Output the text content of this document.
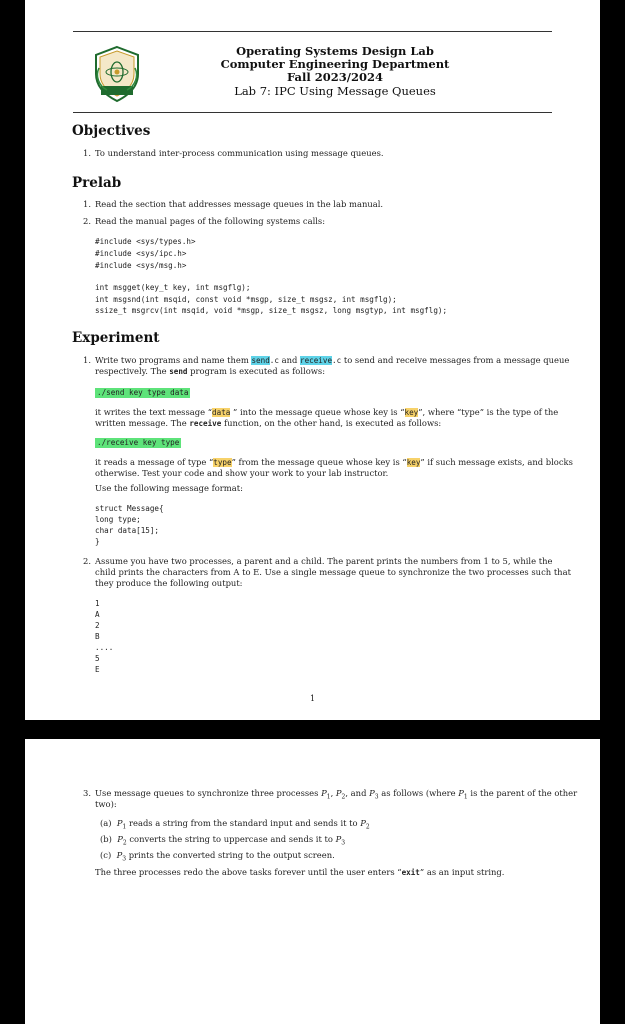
Operating Systems Design Lab
Computer Engineering Department
Fall 2023/2024
Lab 7: IPC Using Message Queues
Objectives
1. To understand inter-process communication using message queues.
Prelab
1. Read the section that addresses message queues in the lab manual.
2. Read the manual pages of the following systems calls:
#include <sys/types.h>
#include <sys/ipc.h>
#include <sys/msg.h>
int msgget(key_t key, int msgflg);
int msgsnd(int msqid, const void *msgp, size_t msgsz, int msgflg);
ssize_t msgrcv(int msqid, void *msgp, size_t msgsz, long msgtyp, int msgflg);
Experiment
1. Write two programs and name them send.c and receive.c to send and receive messages from a message queue
respectively. The send program is executed as follows:
./send key type data
it writes the text message “data ” into the message queue whose key is “key”, where “type” is the type of the
written message. The receive function, on the other hand, is executed as follows:
./receive key type
it reads a message of type “type” from the message queue whose key is “key” if such message exists, and blocks
otherwise. Test your code and show your work to your lab instructor.
Use the following message format:
struct Message{
long type;
char data[15];
}
2. Assume you have two processes, a parent and a child. The parent prints the numbers from 1 to 5, while the
child prints the characters from A to E. Use a single message queue to synchronize the two processes such that
they produce the following output:
1
A
2
B
....
5
E
1
3. Use message queues to synchronize three processes $P_1$, $P_2$, and $P_3$ as follows (where $P_1$ is the parent of the other
two):
(a) $P_1$ reads a string from the standard input and sends it to $P_2$
(b) $P_2$ converts the string to uppercase and sends it to $P_3$
(c) $P_3$ prints the converted string to the output screen.
The three processes redo the above tasks forever until the user enters “exit” as an input string.
